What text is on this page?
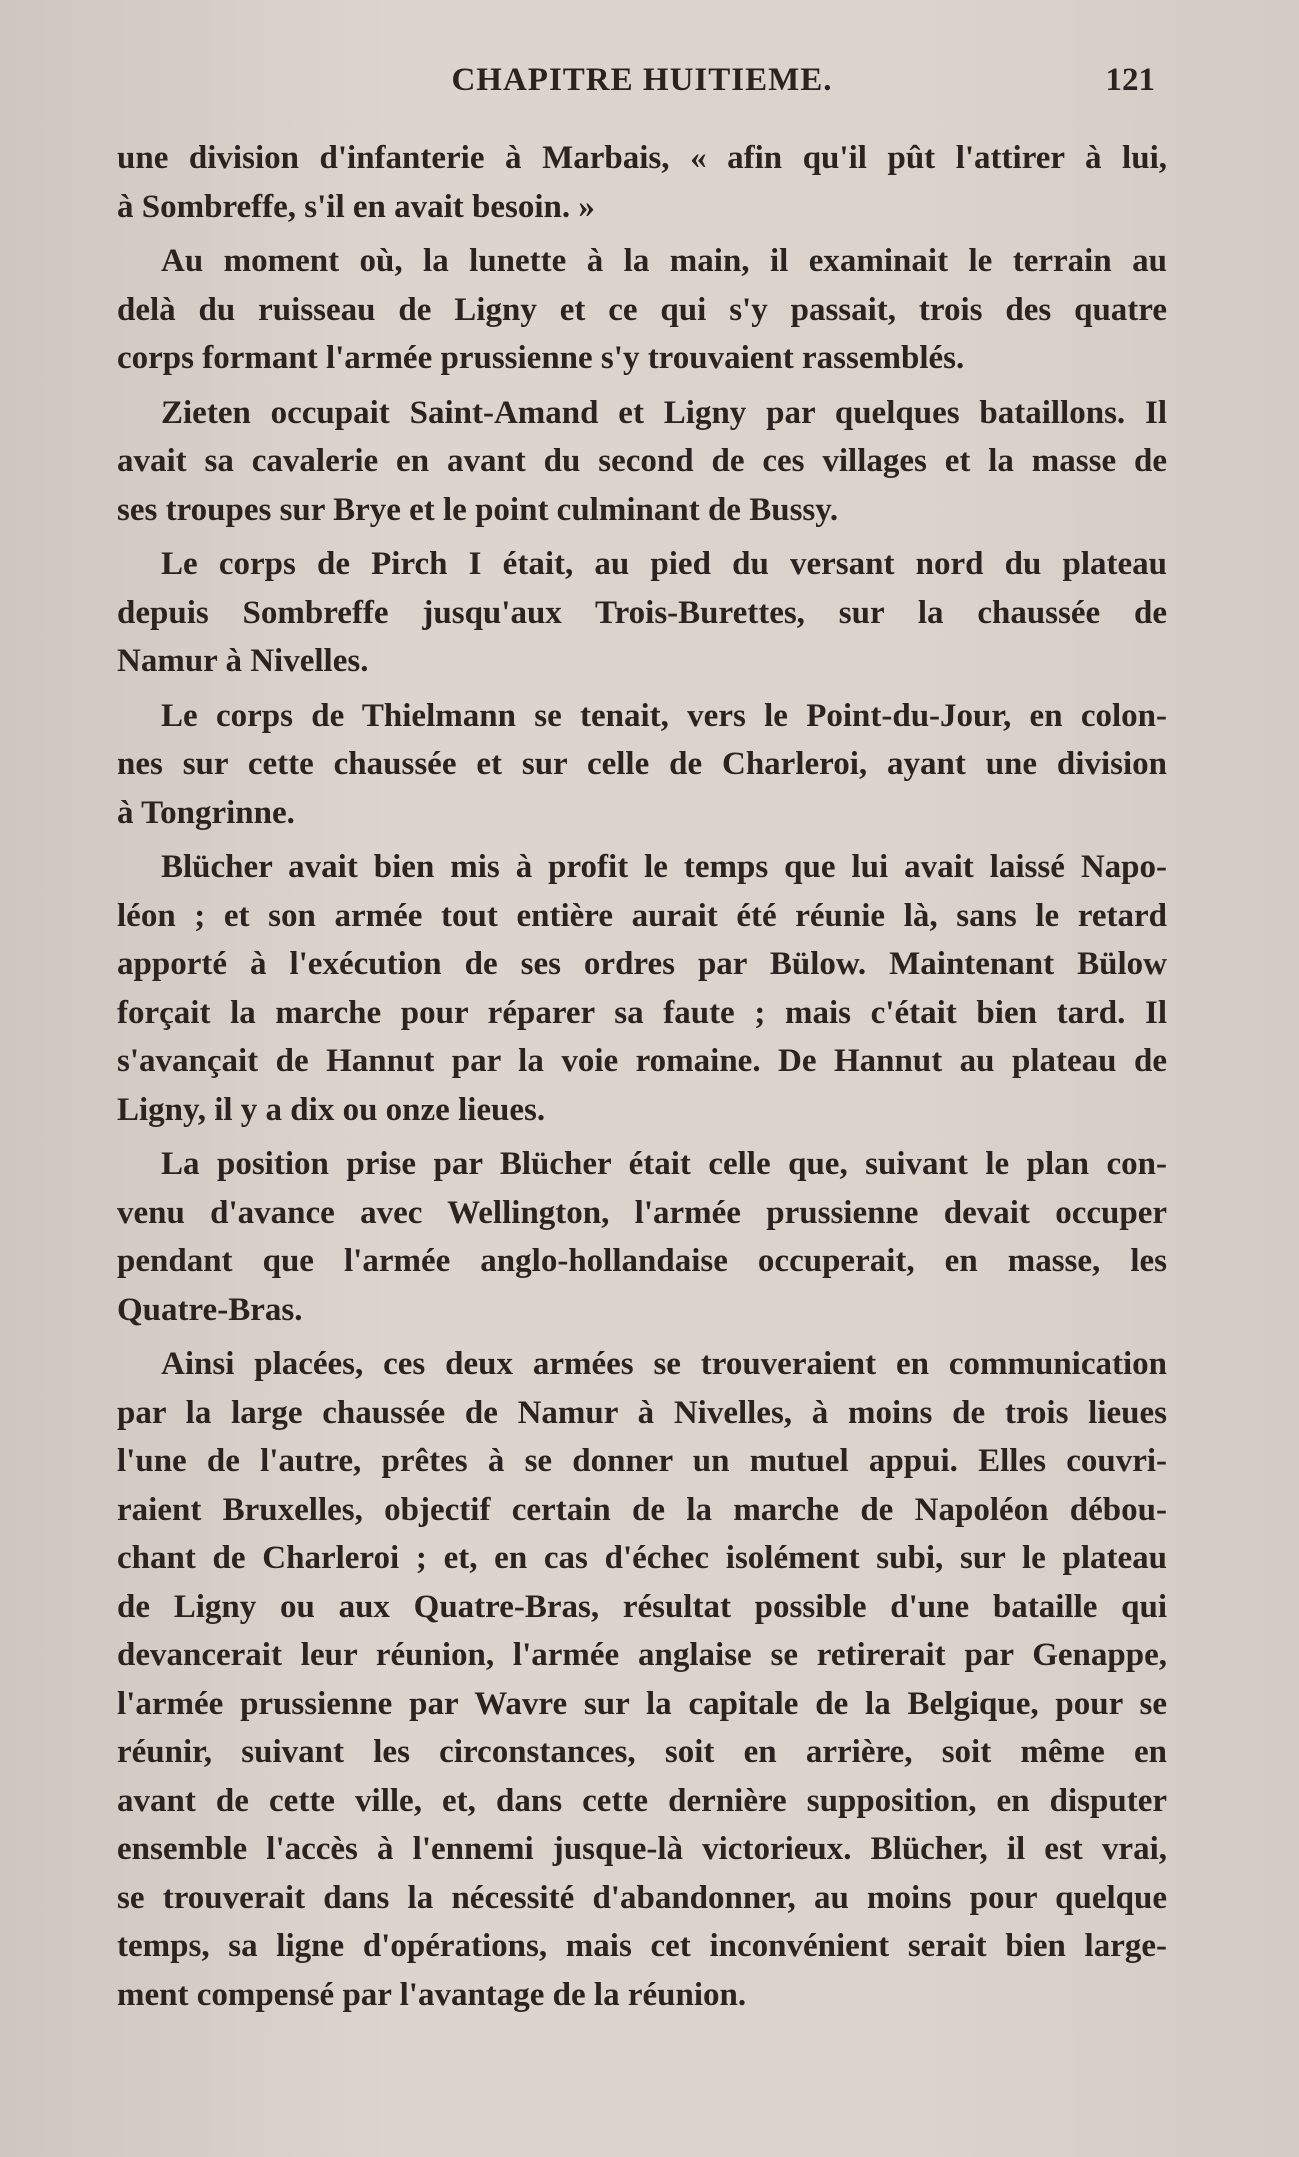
CHAPITRE HUITIEME.	121
une division d'infanterie à Marbais, « afin qu'il pût l'attirer à lui,
à Sombreffe, s'il en avait besoin. »
Au moment où, la lunette à la main, il examinait le terrain au
delà du ruisseau de Ligny et ce qui s'y passait, trois des quatre
corps formant l'armée prussienne s'y trouvaient rassemblés.
Zieten occupait Saint-Amand et Ligny par quelques bataillons. Il
avait sa cavalerie en avant du second de ces villages et la masse de
ses troupes sur Brye et le point culminant de Bussy.
Le corps de Pirch I était, au pied du versant nord du plateau
depuis Sombreffe jusqu'aux Trois-Burettes, sur la chaussée de
Namur à Nivelles.
Le corps de Thielmann se tenait, vers le Point-du-Jour, en colon-
nes sur cette chaussée et sur celle de Charleroi, ayant une division
à Tongrinne.
Blücher avait bien mis à profit le temps que lui avait laissé Napo-
léon ; et son armée tout entière aurait été réunie là, sans le retard
apporté à l'exécution de ses ordres par Bülow. Maintenant Bülow
forçait la marche pour réparer sa faute ; mais c'était bien tard. Il
s'avançait de Hannut par la voie romaine. De Hannut au plateau de
Ligny, il y a dix ou onze lieues.
La position prise par Blücher était celle que, suivant le plan con-
venu d'avance avec Wellington, l'armée prussienne devait occuper
pendant que l'armée anglo-hollandaise occuperait, en masse, les
Quatre-Bras.
Ainsi placées, ces deux armées se trouveraient en communication
par la large chaussée de Namur à Nivelles, à moins de trois lieues
l'une de l'autre, prêtes à se donner un mutuel appui. Elles couvri-
raient Bruxelles, objectif certain de la marche de Napoléon débou-
chant de Charleroi ; et, en cas d'échec isolément subi, sur le plateau
de Ligny ou aux Quatre-Bras, résultat possible d'une bataille qui
devancerait leur réunion, l'armée anglaise se retirerait par Genappe,
l'armée prussienne par Wavre sur la capitale de la Belgique, pour se
réunir, suivant les circonstances, soit en arrière, soit même en
avant de cette ville, et, dans cette dernière supposition, en disputer
ensemble l'accès à l'ennemi jusque-là victorieux. Blücher, il est vrai,
se trouverait dans la nécessité d'abandonner, au moins pour quelque
temps, sa ligne d'opérations, mais cet inconvénient serait bien large-
ment compensé par l'avantage de la réunion.
